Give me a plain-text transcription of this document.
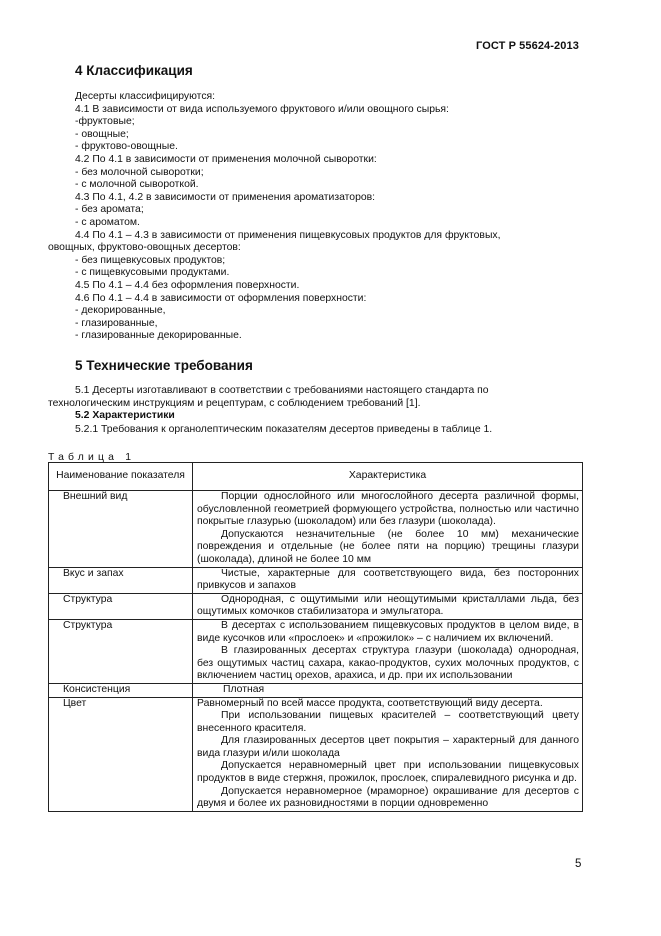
ГОСТ Р 55624-2013
4 Классификация
Десерты классифицируются:
4.1 В зависимости от вида используемого фруктового и/или овощного сырья:
-фруктовые;
- овощные;
- фруктово-овощные.
4.2 По 4.1 в зависимости от применения молочной сыворотки:
- без молочной сыворотки;
- с молочной сывороткой.
4.3 По 4.1, 4.2 в зависимости от применения ароматизаторов:
- без аромата;
- с ароматом.
4.4 По 4.1 – 4.3 в зависимости от применения пищевкусовых продуктов для фруктовых,
овощных, фруктово-овощных десертов:
- без пищевкусовых продуктов;
- с пищевкусовыми продуктами.
4.5 По 4.1 – 4.4 без оформления поверхности.
4.6 По 4.1 – 4.4 в зависимости от оформления поверхности:
- декорированные,
- глазированные,
- глазированные декорированные.
5 Технические требования
5.1 Десерты изготавливают в соответствии с требованиями настоящего стандарта по
технологическим инструкциям и рецептурам, с соблюдением требований [1].
5.2 Характеристики
5.2.1 Требования к органолептическим показателям десертов приведены в таблице 1.
Таблица 1
Наименование показателя	Характеристика
Внешний вид	Порции однослойного или многослойного десерта различной формы, обусловленной геометрией формующего устройства, полностью или частично покрытые глазурью (шоколадом) или без глазури (шоколада).
Допускаются незначительные (не более 10 мм) механические повреждения и отдельные (не более пяти на порцию) трещины глазури (шоколада), длиной не более 10 мм

Вкус и запах	Чистые, характерные для соответствующего вида, без посторонних привкусов и запахов

Структура	Однородная, с ощутимыми или неощутимыми кристаллами льда, без ощутимых комочков стабилизатора и эмульгатора.

Структура	В десертах с использованием пищевкусовых продуктов в целом виде, в виде кусочков или «прослоек» и «прожилок» – с наличием их включений.
В глазированных десертах структура глазури (шоколада) однородная, без ощутимых частиц сахара, какао-продуктов, сухих молочных продуктов, с включением частиц орехов, арахиса, и др. при их использовании

Консистенция	Плотная

Цвет	Равномерный по всей массе продукта, соответствующий виду десерта.
При использовании пищевых красителей – соответствующий цвету внесенного красителя.
Для глазированных десертов цвет покрытия – характерный для данного вида глазури и/или шоколада
Допускается неравномерный цвет при использовании пищевкусовых продуктов в виде стержня, прожилок, прослоек, спиралевидного рисунка и др.
Допускается неравномерное (мраморное) окрашивание для десертов с двумя и более их разновидностями в порции одновременно
5
